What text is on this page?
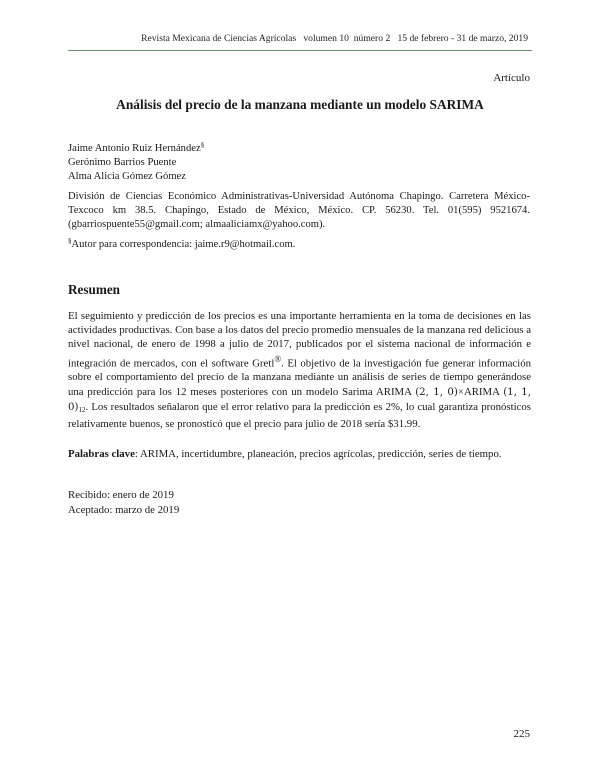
Revista Mexicana de Ciencias Agrícolas volumen 10 número 2 15 de febrero - 31 de marzo, 2019
Artículo
Análisis del precio de la manzana mediante un modelo SARIMA
Jaime Antonio Ruiz Hernández§
Gerónimo Barrios Puente
Alma Alicia Gómez Gómez
División de Ciencias Económico Administrativas-Universidad Autónoma Chapingo. Carretera México-Texcoco km 38.5. Chapingo, Estado de México, México. CP. 56230. Tel. 01(595) 9521674. (gbarriospuente55@gmail.com; almaaliciamx@yahoo.com).
§Autor para correspondencia: jaime.r9@hotmail.com.
Resumen
El seguimiento y predicción de los precios es una importante herramienta en la toma de decisiones en las actividades productivas. Con base a los datos del precio promedio mensuales de la manzana red delicious a nivel nacional, de enero de 1998 a julio de 2017, publicados por el sistema nacional de información e integración de mercados, con el software Gretl®. El objetivo de la investigación fue generar información sobre el comportamiento del precio de la manzana mediante un análisis de series de tiempo generándose una predicción para los 12 meses posteriores con un modelo Sarima ARIMA (2, 1, 0)×ARIMA (1, 1, $0)_{12}$. Los resultados señalaron que el error relativo para la predicción es 2%, lo cual garantiza pronósticos relativamente buenos, se pronosticó que el precio para julio de 2018 sería $31.99.
Palabras clave: ARIMA, incertidumbre, planeación, precios agrícolas, predicción, series de tiempo.
Recibido: enero de 2019
Aceptado: marzo de 2019
225
